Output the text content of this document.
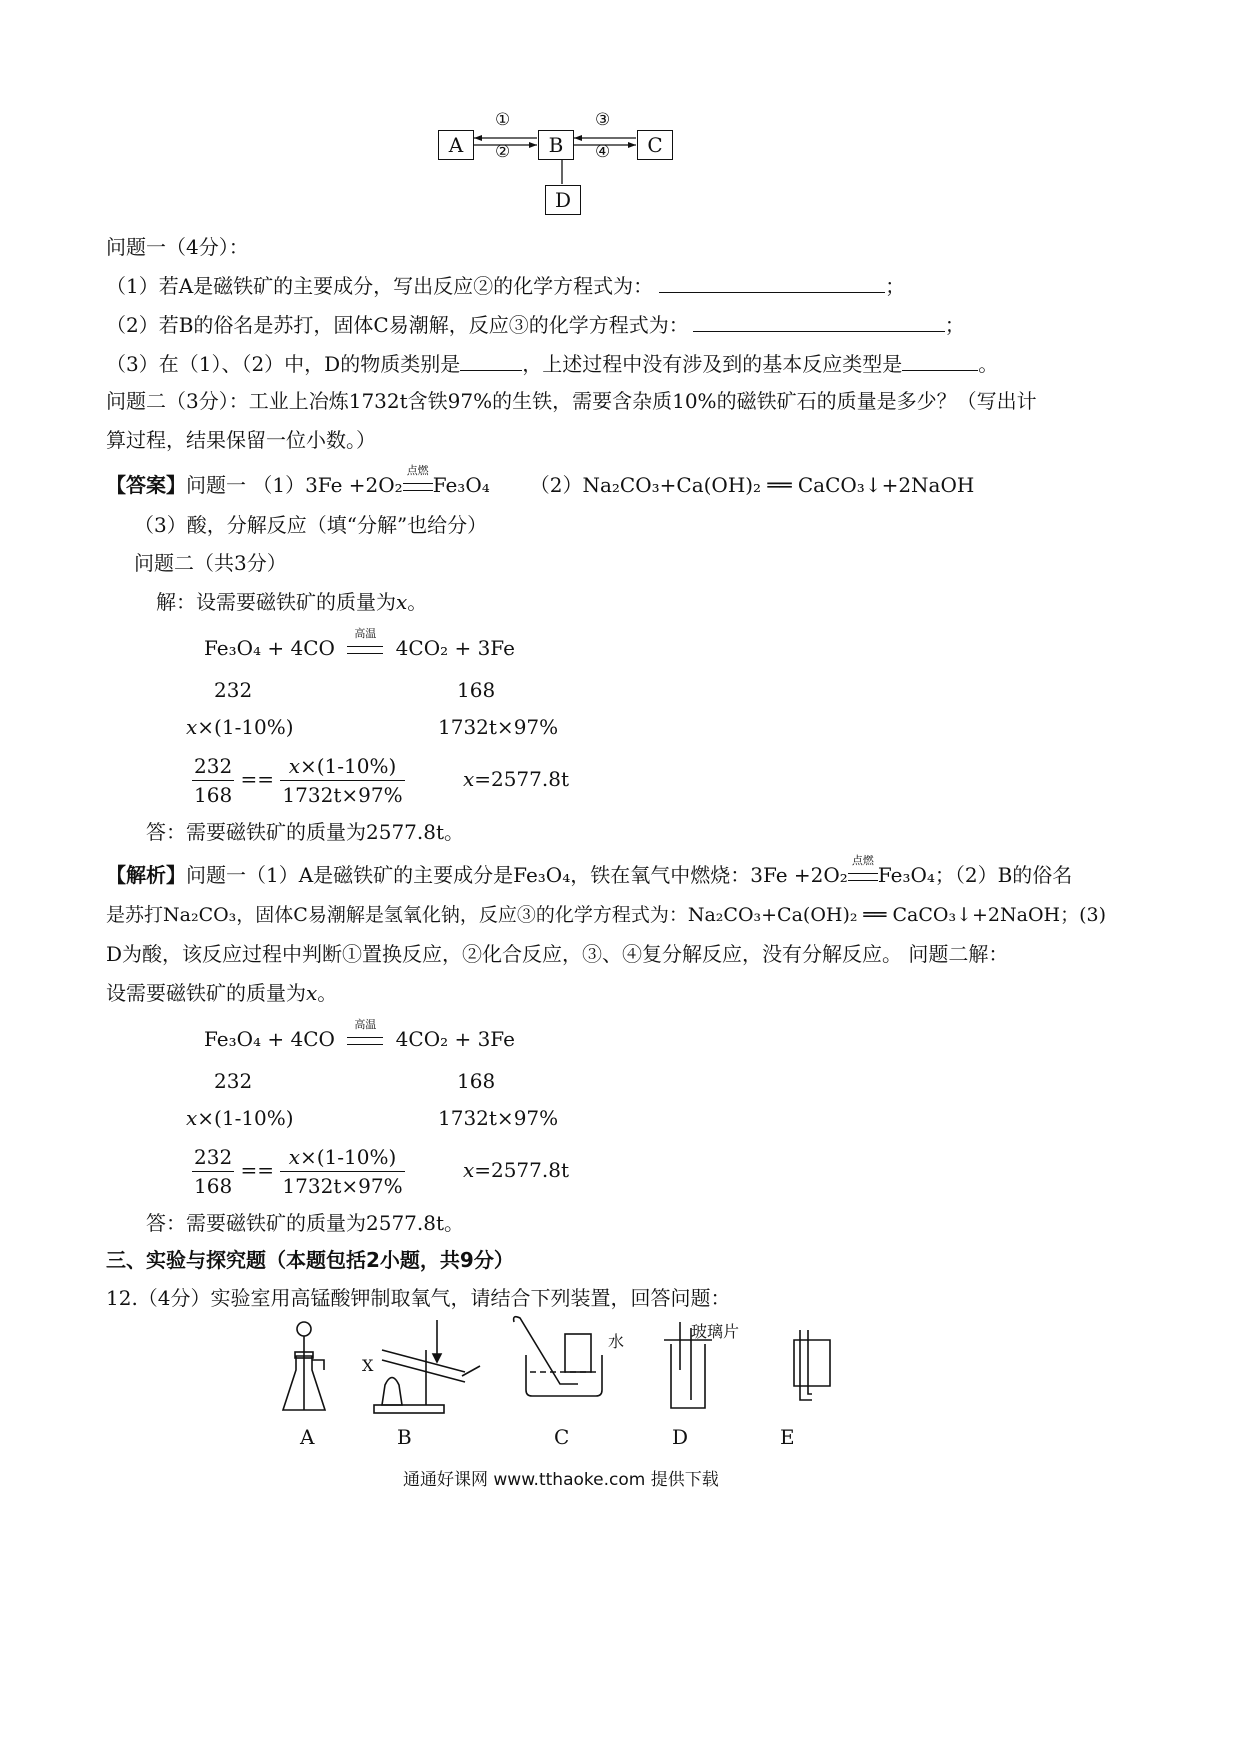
A	B	C
D
①
②
③
④
问题一（4分）：
（1）若A是磁铁矿的主要成分，写出反应②的化学方程式为：	；
（2）若B的俗名是苏打，固体C易潮解，反应③的化学方程式为：	；
（3）在（1）、（2）中，D的物质类别是	，上述过程中没有涉及到的基本反应类型是	。
问题二（3分）：工业上冶炼1732t含铁97%的生铁，需要含杂质10%的磁铁矿石的质量是多少？（写出计
算过程，结果保留一位小数。）
【答案】问题一 （1）3Fe +2O₂
点燃
Fe₃O₄ （2）Na₂CO₃+Ca(OH)₂ ══ CaCO₃↓+2NaOH
（3）酸，分解反应（填“分解”也给分）
问题二（共3分）
解：设需要磁铁矿的质量为x。
Fe₃O₄ + 4CO
高温
4CO₂ + 3Fe
232	168
x×(1-10%)	1732t×97%
$\frac{232}{168} == \frac{x\times(1-10\%)}{1732t\times 97\%}$	x=2577.8t
答：需要磁铁矿的质量为2577.8t。
【解析】问题一（1）A是磁铁矿的主要成分是Fe₃O₄，铁在氧气中燃烧：3Fe +2O₂
点燃
Fe₃O₄；（2）B的俗名
是苏打Na₂CO₃，固体C易潮解是氢氧化钠，反应③的化学方程式为：Na₂CO₃+Ca(OH)₂ ══ CaCO₃↓+2NaOH；(3)
D为酸，该反应过程中判断①置换反应，②化合反应，③、④复分解反应，没有分解反应。 问题二解：
设需要磁铁矿的质量为x。
Fe₃O₄ + 4CO
高温
4CO₂ + 3Fe
232	168
x×(1-10%)	1732t×97%
$\frac{232}{168} == \frac{x\times(1-10\%)}{1732t\times 97\%}$	x=2577.8t
答：需要磁铁矿的质量为2577.8t。
三、实验与探究题（本题包括2小题，共9分）
12.（4分）实验室用高锰酸钾制取氧气，请结合下列装置，回答问题：
X
水
玻璃片
A	B	C	D	E
通通好课网 www.tthaoke.com 提供下载
